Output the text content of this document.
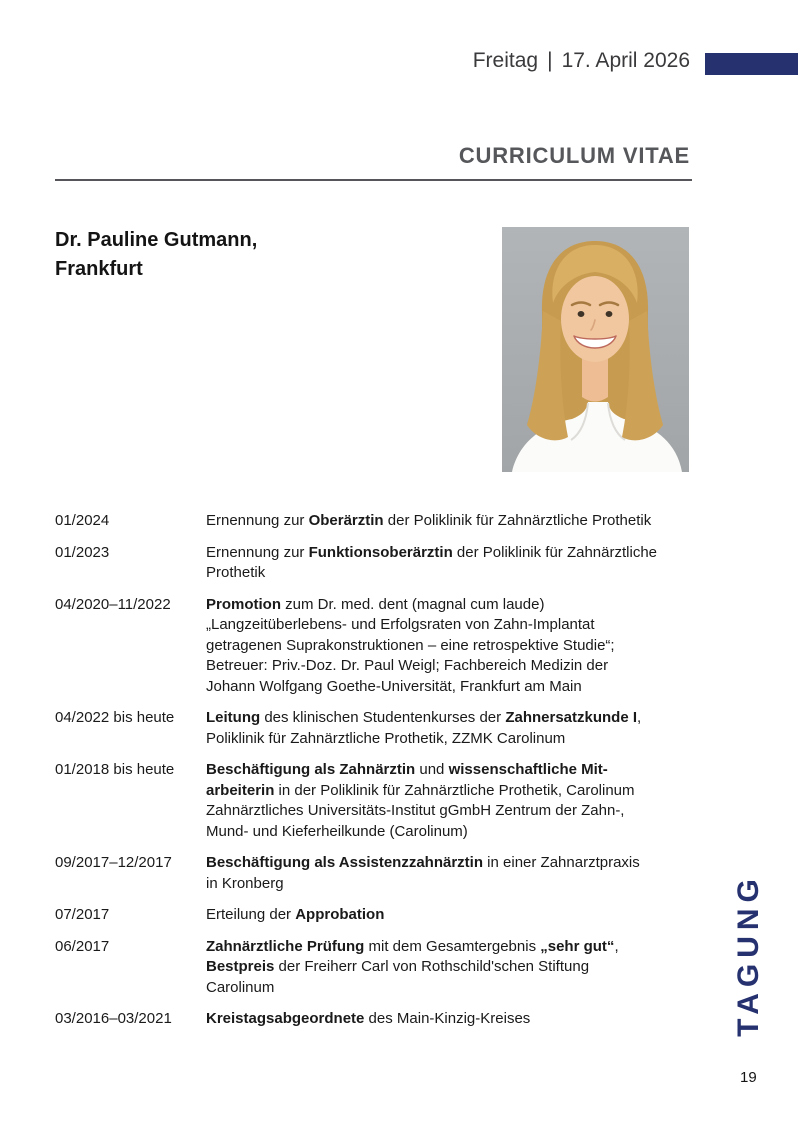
Freitag | 17. April 2026
CURRICULUM VITAE
Dr. Pauline Gutmann,
Frankfurt
01/2024	Ernennung zur Oberärztin der Poliklinik für Zahnärztliche Prothetik
01/2023	Ernennung zur Funktionsoberärztin der Poliklinik für Zahnärztliche
Prothetik
04/2020–11/2022	Promotion zum Dr. med. dent (magnal cum laude)
„Langzeitüberlebens- und Erfolgsraten von Zahn-Implantat
getragenen Suprakonstruktionen – eine retrospektive Studie“;
Betreuer: Priv.-Doz. Dr. Paul Weigl; Fachbereich Medizin der
Johann Wolfgang Goethe-Universität, Frankfurt am Main
04/2022 bis heute	Leitung des klinischen Studentenkurses der Zahnersatzkunde I,
Poliklinik für Zahnärztliche Prothetik, ZZMK Carolinum
01/2018 bis heute	Beschäftigung als Zahnärztin und wissenschaftliche Mit-
arbeiterin in der Poliklinik für Zahnärztliche Prothetik, Carolinum
Zahnärztliches Universitäts-Institut gGmbH Zentrum der Zahn-,
Mund- und Kieferheilkunde (Carolinum)
09/2017–12/2017	Beschäftigung als Assistenzzahnärztin in einer Zahnarztpraxis
in Kronberg
07/2017	Erteilung der Approbation
06/2017	Zahnärztliche Prüfung mit dem Gesamtergebnis „sehr gut“,
Bestpreis der Freiherr Carl von Rothschild'schen Stiftung
Carolinum
03/2016–03/2021	Kreistagsabgeordnete des Main-Kinzig-Kreises	TAGUNG
19
